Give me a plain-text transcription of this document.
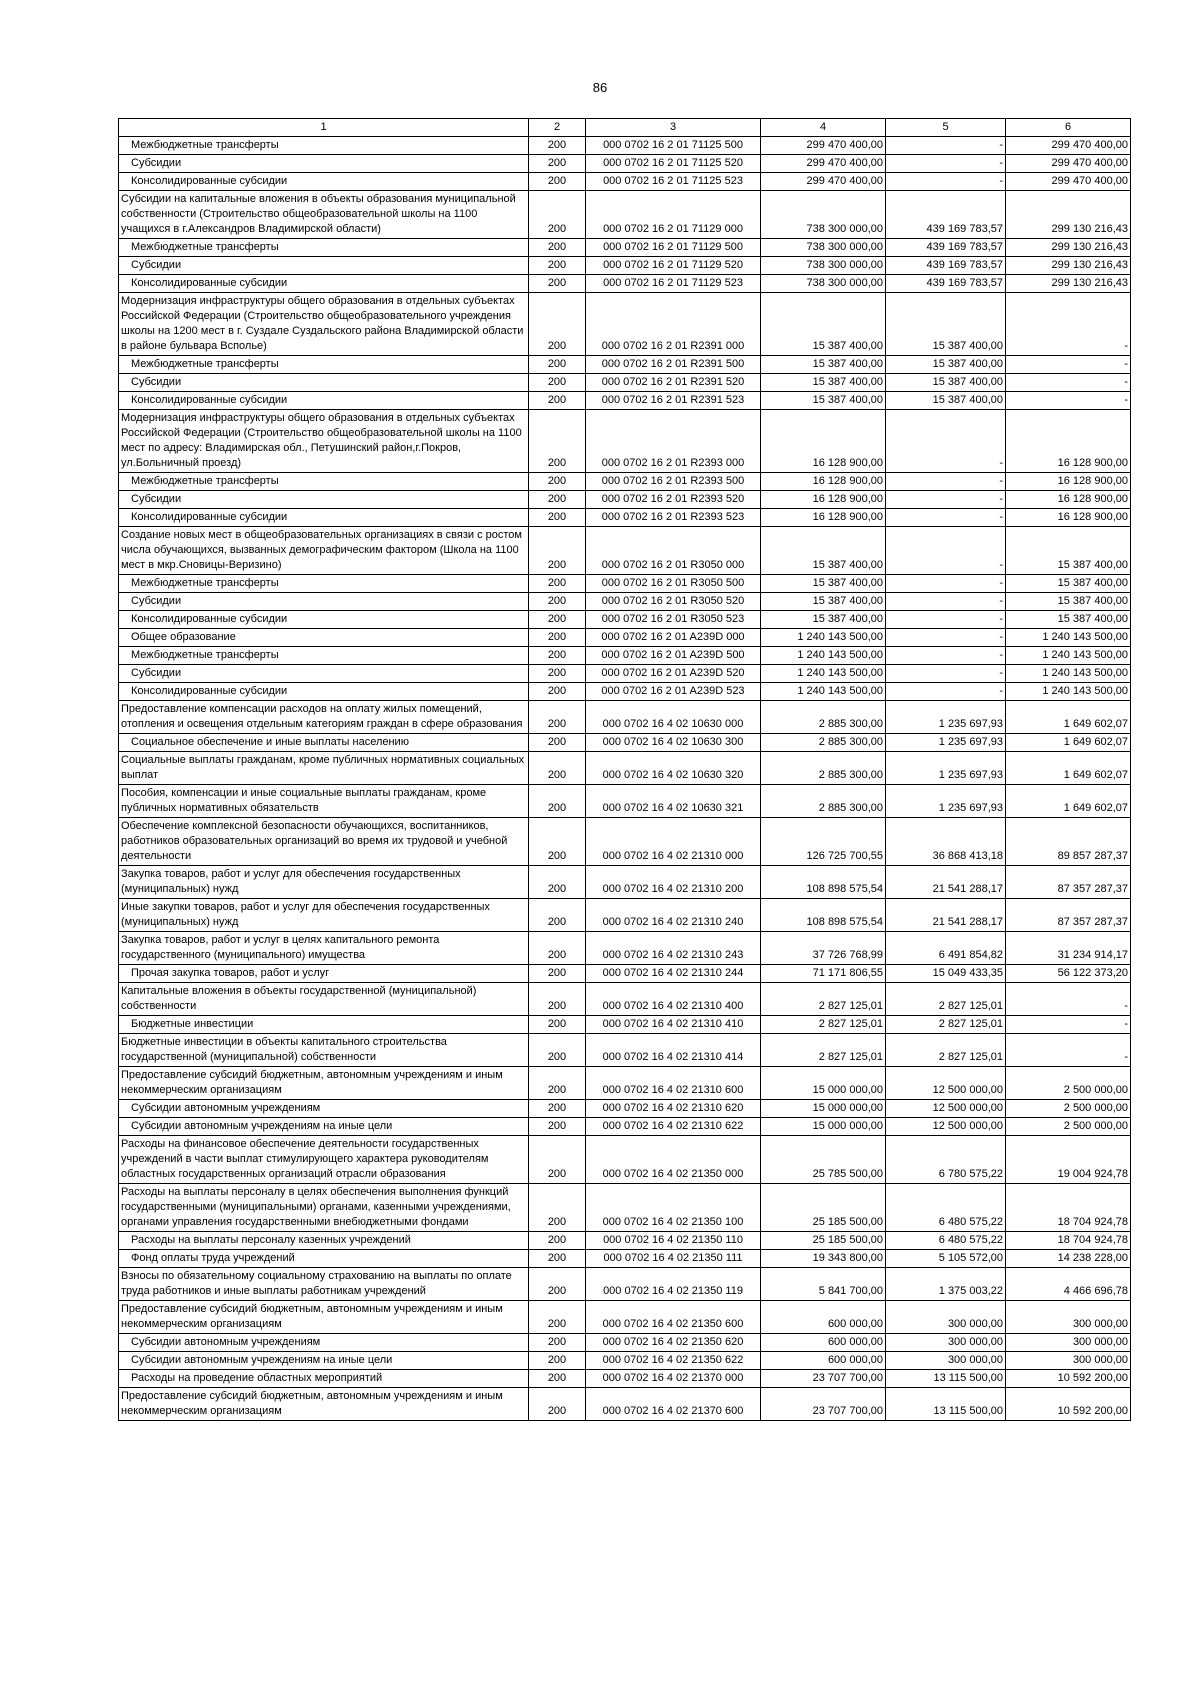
86
1	2	3	4	5	6
Межбюджетные трансферты	200	000 0702 16 2 01 71125 500	299 470 400,00	-	299 470 400,00
Субсидии	200	000 0702 16 2 01 71125 520	299 470 400,00	-	299 470 400,00
Консолидированные субсидии	200	000 0702 16 2 01 71125 523	299 470 400,00	-	299 470 400,00
Субсидии на капитальные вложения в объекты образования муниципальной собственности (Строительство общеобразовательной школы на 1100 учащихся в г.Александров Владимирской области)	200	000 0702 16 2 01 71129 000	738 300 000,00	439 169 783,57	299 130 216,43
Межбюджетные трансферты	200	000 0702 16 2 01 71129 500	738 300 000,00	439 169 783,57	299 130 216,43
Субсидии	200	000 0702 16 2 01 71129 520	738 300 000,00	439 169 783,57	299 130 216,43
Консолидированные субсидии	200	000 0702 16 2 01 71129 523	738 300 000,00	439 169 783,57	299 130 216,43
Модернизация инфраструктуры общего образования в отдельных субъектах Российской Федерации (Строительство общеобразовательного учреждения школы на 1200 мест в г. Суздале Суздальского района Владимирской области в районе бульвара Всполье)	200	000 0702 16 2 01 R2391 000	15 387 400,00	15 387 400,00	-
Межбюджетные трансферты	200	000 0702 16 2 01 R2391 500	15 387 400,00	15 387 400,00	-
Субсидии	200	000 0702 16 2 01 R2391 520	15 387 400,00	15 387 400,00	-
Консолидированные субсидии	200	000 0702 16 2 01 R2391 523	15 387 400,00	15 387 400,00	-
Модернизация инфраструктуры общего образования в отдельных субъектах Российской Федерации (Строительство общеобразовательной школы на 1100 мест по адресу: Владимирская обл., Петушинский район,г.Покров, ул.Больничный проезд)	200	000 0702 16 2 01 R2393 000	16 128 900,00	-	16 128 900,00
Межбюджетные трансферты	200	000 0702 16 2 01 R2393 500	16 128 900,00	-	16 128 900,00
Субсидии	200	000 0702 16 2 01 R2393 520	16 128 900,00	-	16 128 900,00
Консолидированные субсидии	200	000 0702 16 2 01 R2393 523	16 128 900,00	-	16 128 900,00
Создание новых мест в общеобразовательных организациях в связи с ростом числа обучающихся, вызванных демографическим фактором (Школа на 1100 мест в мкр.Сновицы-Веризино)	200	000 0702 16 2 01 R3050 000	15 387 400,00	-	15 387 400,00
Межбюджетные трансферты	200	000 0702 16 2 01 R3050 500	15 387 400,00	-	15 387 400,00
Субсидии	200	000 0702 16 2 01 R3050 520	15 387 400,00	-	15 387 400,00
Консолидированные субсидии	200	000 0702 16 2 01 R3050 523	15 387 400,00	-	15 387 400,00
Общее образование	200	000 0702 16 2 01 A239D 000	1 240 143 500,00	-	1 240 143 500,00
Межбюджетные трансферты	200	000 0702 16 2 01 A239D 500	1 240 143 500,00	-	1 240 143 500,00
Субсидии	200	000 0702 16 2 01 A239D 520	1 240 143 500,00	-	1 240 143 500,00
Консолидированные субсидии	200	000 0702 16 2 01 A239D 523	1 240 143 500,00	-	1 240 143 500,00
Предоставление компенсации расходов на оплату жилых помещений, отопления и освещения отдельным категориям граждан в сфере образования	200	000 0702 16 4 02 10630 000	2 885 300,00	1 235 697,93	1 649 602,07
Социальное обеспечение и иные выплаты населению	200	000 0702 16 4 02 10630 300	2 885 300,00	1 235 697,93	1 649 602,07
Социальные выплаты гражданам, кроме публичных нормативных социальных выплат	200	000 0702 16 4 02 10630 320	2 885 300,00	1 235 697,93	1 649 602,07
Пособия, компенсации и иные социальные выплаты гражданам, кроме публичных нормативных обязательств	200	000 0702 16 4 02 10630 321	2 885 300,00	1 235 697,93	1 649 602,07
Обеспечение комплексной безопасности обучающихся, воспитанников, работников образовательных организаций во время их трудовой и учебной деятельности	200	000 0702 16 4 02 21310 000	126 725 700,55	36 868 413,18	89 857 287,37
Закупка товаров, работ и услуг для обеспечения государственных (муниципальных) нужд	200	000 0702 16 4 02 21310 200	108 898 575,54	21 541 288,17	87 357 287,37
Иные закупки товаров, работ и услуг для обеспечения государственных (муниципальных) нужд	200	000 0702 16 4 02 21310 240	108 898 575,54	21 541 288,17	87 357 287,37
Закупка товаров, работ и услуг в целях капитального ремонта государственного (муниципального) имущества	200	000 0702 16 4 02 21310 243	37 726 768,99	6 491 854,82	31 234 914,17
Прочая закупка товаров, работ и услуг	200	000 0702 16 4 02 21310 244	71 171 806,55	15 049 433,35	56 122 373,20
Капитальные вложения в объекты государственной (муниципальной) собственности	200	000 0702 16 4 02 21310 400	2 827 125,01	2 827 125,01	-
Бюджетные инвестиции	200	000 0702 16 4 02 21310 410	2 827 125,01	2 827 125,01	-
Бюджетные инвестиции в объекты капитального строительства государственной (муниципальной) собственности	200	000 0702 16 4 02 21310 414	2 827 125,01	2 827 125,01	-
Предоставление субсидий бюджетным, автономным учреждениям и иным некоммерческим организациям	200	000 0702 16 4 02 21310 600	15 000 000,00	12 500 000,00	2 500 000,00
Субсидии автономным учреждениям	200	000 0702 16 4 02 21310 620	15 000 000,00	12 500 000,00	2 500 000,00
Субсидии автономным учреждениям на иные цели	200	000 0702 16 4 02 21310 622	15 000 000,00	12 500 000,00	2 500 000,00
Расходы на финансовое обеспечение деятельности государственных учреждений в части выплат стимулирующего характера руководителям областных государственных организаций отрасли образования	200	000 0702 16 4 02 21350 000	25 785 500,00	6 780 575,22	19 004 924,78
Расходы на выплаты персоналу в целях обеспечения выполнения функций государственными (муниципальными) органами, казенными учреждениями, органами управления государственными внебюджетными фондами	200	000 0702 16 4 02 21350 100	25 185 500,00	6 480 575,22	18 704 924,78
Расходы на выплаты персоналу казенных учреждений	200	000 0702 16 4 02 21350 110	25 185 500,00	6 480 575,22	18 704 924,78
Фонд оплаты труда учреждений	200	000 0702 16 4 02 21350 111	19 343 800,00	5 105 572,00	14 238 228,00
Взносы по обязательному социальному страхованию на выплаты по оплате труда работников и иные выплаты работникам учреждений	200	000 0702 16 4 02 21350 119	5 841 700,00	1 375 003,22	4 466 696,78
Предоставление субсидий бюджетным, автономным учреждениям и иным некоммерческим организациям	200	000 0702 16 4 02 21350 600	600 000,00	300 000,00	300 000,00
Субсидии автономным учреждениям	200	000 0702 16 4 02 21350 620	600 000,00	300 000,00	300 000,00
Субсидии автономным учреждениям на иные цели	200	000 0702 16 4 02 21350 622	600 000,00	300 000,00	300 000,00
Расходы на проведение областных мероприятий	200	000 0702 16 4 02 21370 000	23 707 700,00	13 115 500,00	10 592 200,00
Предоставление субсидий бюджетным, автономным учреждениям и иным некоммерческим организациям	200	000 0702 16 4 02 21370 600	23 707 700,00	13 115 500,00	10 592 200,00
